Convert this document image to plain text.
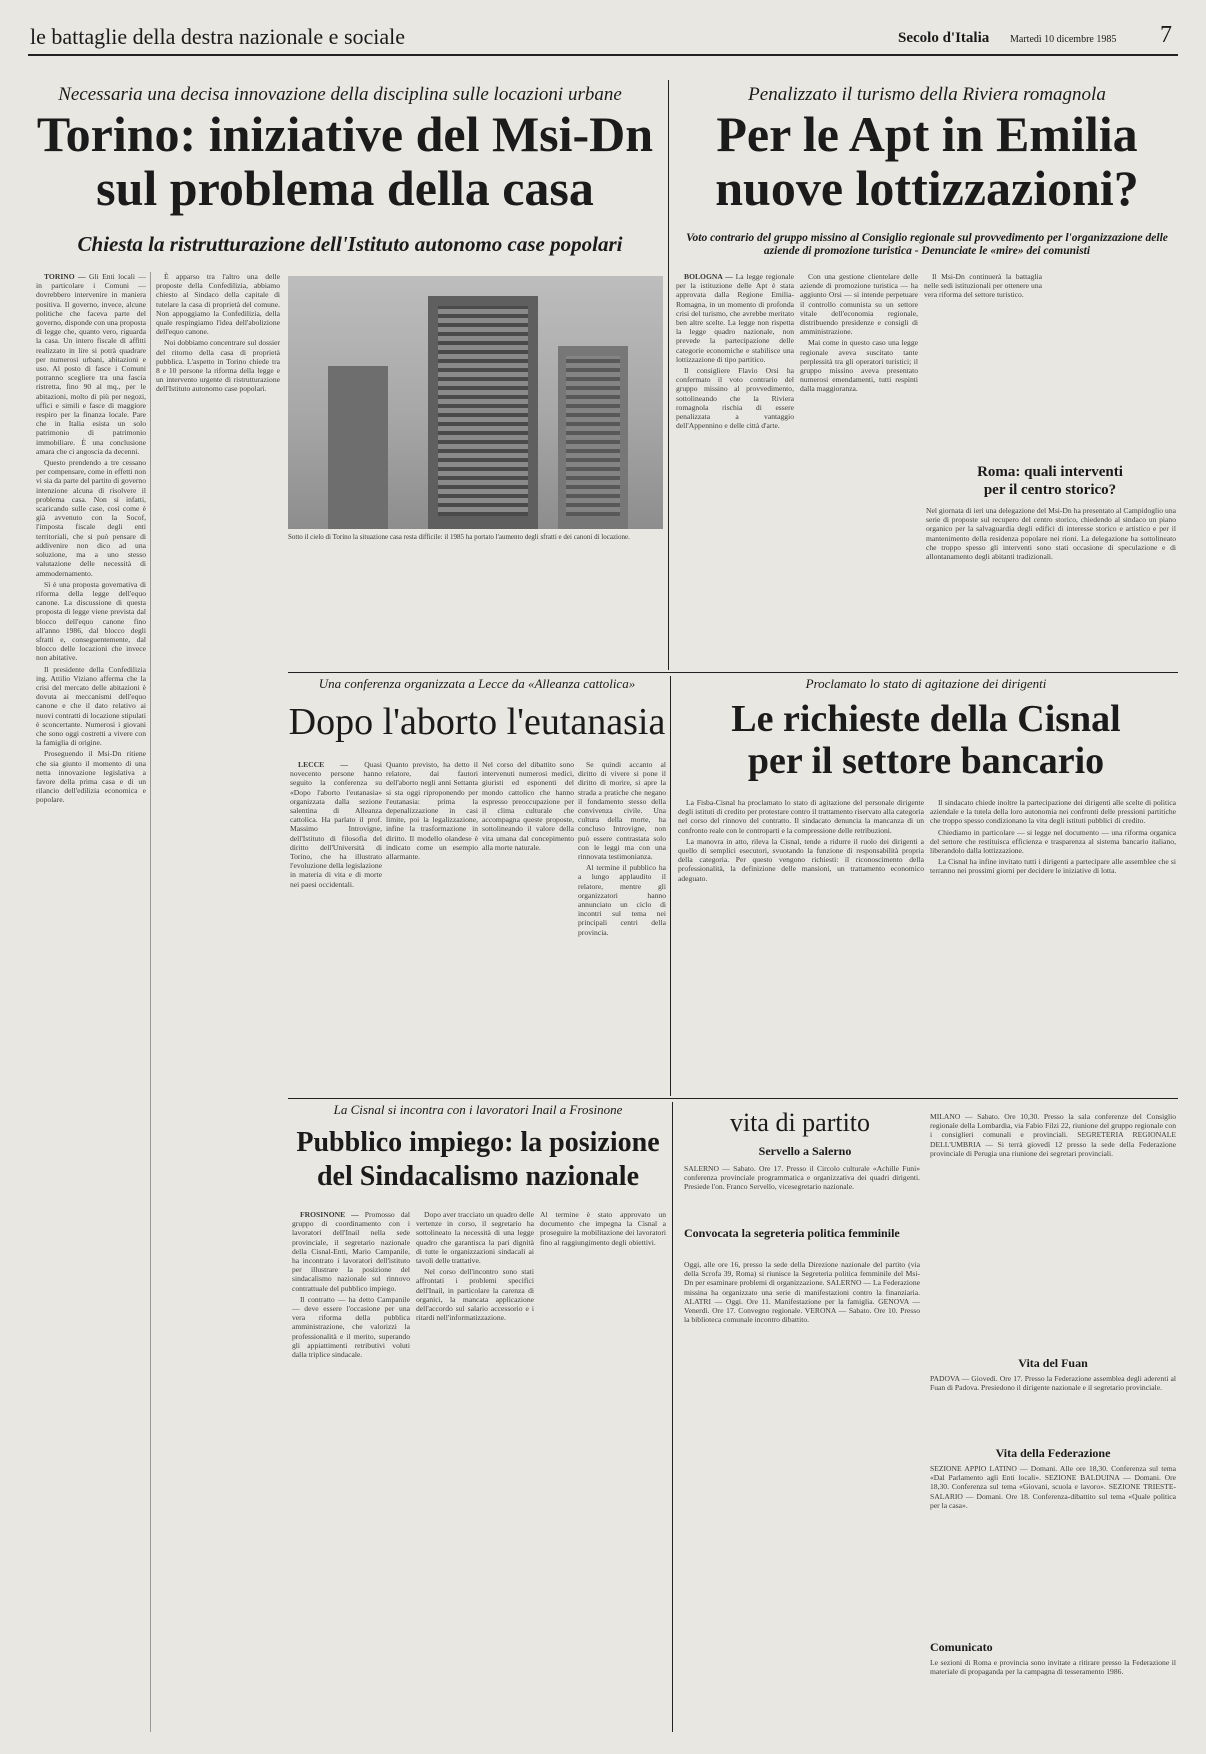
le battaglie della destra nazionale e sociale	Secolo d'Italia Martedì 10 dicembre 1985 7
Necessaria una decisa innovazione della disciplina sulle locazioni urbane
Torino: iniziative del Msi-Dn
sul problema della casa
Chiesta la ristrutturazione dell'Istituto autonomo case popolari

TORINO — Gli Enti locali — in particolare i Comuni — dovrebbero intervenire in maniera positiva. Il governo, invece, alcune politiche che faceva parte del governo, disponde con una proposta di legge che, quanto vero, riguarda la casa. Un intero fiscale di affitti realizzato in lire si potrà quadrare per numerosi urbani, abitazioni e uso. Al posto di fasce i Comuni potranno scegliere tra una fascia ristretta, fino 90 al mq., per le abitazioni, molto di più per negozi, uffici e simili e fasce di maggiore respiro per la finanza locale. Pare che in Italia esista un solo patrimonio di patrimonio immobiliare. È una conclusione amara che ci angoscia da decenni.

Questo prendendo a tre cessano per compensare, come in effetti non vi sia da parte del partito di governo intenzione alcuna di risolvere il problema casa. Non si infatti, scaricando sulle case, così come è già avvenuto con la Socof, l'imposta fiscale degli enti territoriali, che si può pensare di addivenire non dico ad una soluzione, ma a uno stesso valutazione delle necessità di ammodernamento.

Sì è una proposta governativa di riforma della legge dell'equo canone. La discussione di questa proposta di legge viene prevista dal blocco dell'equo canone fino all'anno 1986, dal blocco degli sfratti e, conseguentemente, dal blocco delle locazioni che invece non abitative.

Il presidente della Confedilizia ing. Attilio Viziano afferma che la crisi del mercato delle abitazioni è dovuta ai meccanismi dell'equo canone e che il dato relativo ai nuovi contratti di locazione stipulati è sconcertante. Numerosi i giovani che sono oggi costretti a vivere con la famiglia di origine.

Proseguendo il Msi-Dn ritiene che sia giunto il momento di una netta innovazione legislativa a favore della prima casa e di un rilancio dell'edilizia economica e popolare.

È apparso tra l'altro una delle proposte della Confedilizia, abbiamo chiesto al Sindaco della capitale di tutelare la casa di proprietà del comune. Non appoggiamo la Confedilizia, della quale respingiamo l'idea dell'abolizione dell'equo canone.

Noi dobbiamo concentrare sul dossier del ritorno della casa di proprietà pubblica. L'aspetto in Torino chiede tra 8 e 10 persone la riforma della legge e un intervento urgente di ristrutturazione dell'Istituto autonomo case popolari.

Sotto il cielo di Torino la situazione casa resta difficile: il 1985 ha portato l'aumento degli sfratti e dei canoni di locazione.
Penalizzato il turismo della Riviera romagnola
Per le Apt in Emilia
nuove lottizzazioni?
Voto contrario del gruppo missino al Consiglio regionale sul provvedimento per l'organizzazione delle aziende di promozione turistica - Denunciate le «mire» dei comunisti

BOLOGNA — La legge regionale per la istituzione delle Apt è stata approvata dalla Regione Emilia-Romagna, in un momento di profonda crisi del turismo, che avrebbe meritato ben altre scelte. La legge non rispetta la legge quadro nazionale, non prevede la partecipazione delle categorie economiche e stabilisce una lottizzazione di tipo partitico.

Il consigliere Flavio Orsi ha confermato il voto contrario del gruppo missino al provvedimento, sottolineando che la Riviera romagnola rischia di essere penalizzata a vantaggio dell'Appennino e delle città d'arte.

Con una gestione clientelare delle aziende di promozione turistica — ha aggiunto Orsi — si intende perpetuare il controllo comunista su un settore vitale dell'economia regionale, distribuendo presidenze e consigli di amministrazione.

Mai come in questo caso una legge regionale aveva suscitato tante perplessità tra gli operatori turistici; il gruppo missino aveva presentato numerosi emendamenti, tutti respinti dalla maggioranza.

Il Msi-Dn continuerà la battaglia nelle sedi istituzionali per ottenere una vera riforma del settore turistico.

Roma: quali interventi
per il centro storico?
Nel giornata di ieri una delegazione del Msi-Dn ha presentato al Campidoglio una serie di proposte sul recupero del centro storico, chiedendo al sindaco un piano organico per la salvaguardia degli edifici di interesse storico e artistico e per il mantenimento della residenza popolare nei rioni. La delegazione ha sottolineato che troppo spesso gli interventi sono stati occasione di speculazione e di allontanamento degli abitanti tradizionali.
Una conferenza organizzata a Lecce da «Alleanza cattolica»
Dopo l'aborto l'eutanasia

LECCE — Quasi novecento persone hanno seguito la conferenza su «Dopo l'aborto l'eutanasia» organizzata dalla sezione salentina di Alleanza cattolica. Ha parlato il prof. Massimo Introvigne, dell'Istituto di filosofia del diritto dell'Università di Torino, che ha illustrato l'evoluzione della legislazione in materia di vita e di morte nei paesi occidentali.

Quanto previsto, ha detto il relatore, dai fautori dell'aborto negli anni Settanta si sta oggi riproponendo per l'eutanasia: prima la depenalizzazione in casi limite, poi la legalizzazione, infine la trasformazione in diritto. Il modello olandese è indicato come un esempio allarmante.
Nel corso del dibattito sono intervenuti numerosi medici, giuristi ed esponenti del mondo cattolico che hanno espresso preoccupazione per il clima culturale che accompagna queste proposte, sottolineando il valore della vita umana dal concepimento alla morte naturale.

Se quindi accanto al diritto di vivere si pone il diritto di morire, si apre la strada a pratiche che negano il fondamento stesso della convivenza civile. Una cultura della morte, ha concluso Introvigne, non può essere contrastata solo con le leggi ma con una rinnovata testimonianza.

Al termine il pubblico ha a lungo applaudito il relatore, mentre gli organizzatori hanno annunciato un ciclo di incontri sul tema nei principali centri della provincia.

Proclamato lo stato di agitazione dei dirigenti
Le richieste della Cisnal
per il settore bancario

La Fisba-Cisnal ha proclamato lo stato di agitazione del personale dirigente degli istituti di credito per protestare contro il trattamento riservato alla categoria nel corso del rinnovo del contratto. Il sindacato denuncia la mancanza di un confronto reale con le controparti e la compressione delle retribuzioni.

La manovra in atto, rileva la Cisnal, tende a ridurre il ruolo dei dirigenti a quello di semplici esecutori, svuotando la funzione di responsabilità propria della categoria. Per questo vengono richiesti: il riconoscimento della professionalità, la definizione delle mansioni, un trattamento economico adeguato.

Il sindacato chiede inoltre la partecipazione dei dirigenti alle scelte di politica aziendale e la tutela della loro autonomia nei confronti delle pressioni partitiche che troppo spesso condizionano la vita degli istituti pubblici di credito.

Chiediamo in particolare — si legge nel documento — una riforma organica del settore che restituisca efficienza e trasparenza al sistema bancario italiano, liberandolo dalla lottizzazione.

La Cisnal ha infine invitato tutti i dirigenti a partecipare alle assemblee che si terranno nei prossimi giorni per decidere le iniziative di lotta.

La Cisnal si incontra con i lavoratori Inail a Frosinone
Pubblico impiego: la posizione
del Sindacalismo nazionale

FROSINONE — Promosso dal gruppo di coordinamento con i lavoratori dell'Inail nella sede provinciale, il segretario nazionale della Cisnal-Enti, Mario Campanile, ha incontrato i lavoratori dell'istituto per illustrare la posizione del sindacalismo nazionale sul rinnovo contrattuale del pubblico impiego.

Il contratto — ha detto Campanile — deve essere l'occasione per una vera riforma della pubblica amministrazione, che valorizzi la professionalità e il merito, superando gli appiattimenti retributivi voluti dalla triplice sindacale.

Dopo aver tracciato un quadro delle vertenze in corso, il segretario ha sottolineato la necessità di una legge quadro che garantisca la pari dignità di tutte le organizzazioni sindacali ai tavoli delle trattative.

Nel corso dell'incontro sono stati affrontati i problemi specifici dell'Inail, in particolare la carenza di organici, la mancata applicazione dell'accordo sul salario accessorio e i ritardi nell'informatizzazione.

Al termine è stato approvato un documento che impegna la Cisnal a proseguire la mobilitazione dei lavoratori fino al raggiungimento degli obiettivi.
vita di partito
Servello a Salerno
SALERNO — Sabato. Ore 17. Presso il Circolo culturale «Achille Funi» conferenza provinciale programmatica e organizzativa dei quadri dirigenti. Presiede l'on. Franco Servello, vicesegretario nazionale.
Convocata la segreteria politica femminile
Oggi, alle ore 16, presso la sede della Direzione nazionale del partito (via della Scrofa 39, Roma) si riunisce la Segreteria politica femminile del Msi-Dn per esaminare problemi di organizzazione. SALERNO — La Federazione missina ha organizzato una serie di manifestazioni contro la finanziaria. ALATRI — Oggi. Ore 11. Manifestazione per la famiglia. GENOVA — Venerdì. Ore 17. Convegno regionale. VERONA — Sabato. Ore 10. Presso la biblioteca comunale incontro dibattito.
MILANO — Sabato. Ore 10,30. Presso la sala conferenze del Consiglio regionale della Lombardia, via Fabio Filzi 22, riunione del gruppo regionale con i consiglieri comunali e provinciali. SEGRETERIA REGIONALE DELL'UMBRIA — Si terrà giovedì 12 presso la sede della Federazione provinciale di Perugia una riunione dei segretari provinciali.
Vita del Fuan
PADOVA — Giovedì. Ore 17. Presso la Federazione assemblea degli aderenti al Fuan di Padova. Presiedono il dirigente nazionale e il segretario provinciale.
Vita della Federazione
SEZIONE APPIO LATINO — Domani. Alle ore 18,30. Conferenza sul tema «Dal Parlamento agli Enti locali». SEZIONE BALDUINA — Domani. Ore 18,30. Conferenza sul tema «Giovani, scuola e lavoro». SEZIONE TRIESTE-SALARIO — Domani. Ore 18. Conferenza-dibattito sul tema «Quale politica per la casa».
Comunicato
Le sezioni di Roma e provincia sono invitate a ritirare presso la Federazione il materiale di propaganda per la campagna di tesseramento 1986.
